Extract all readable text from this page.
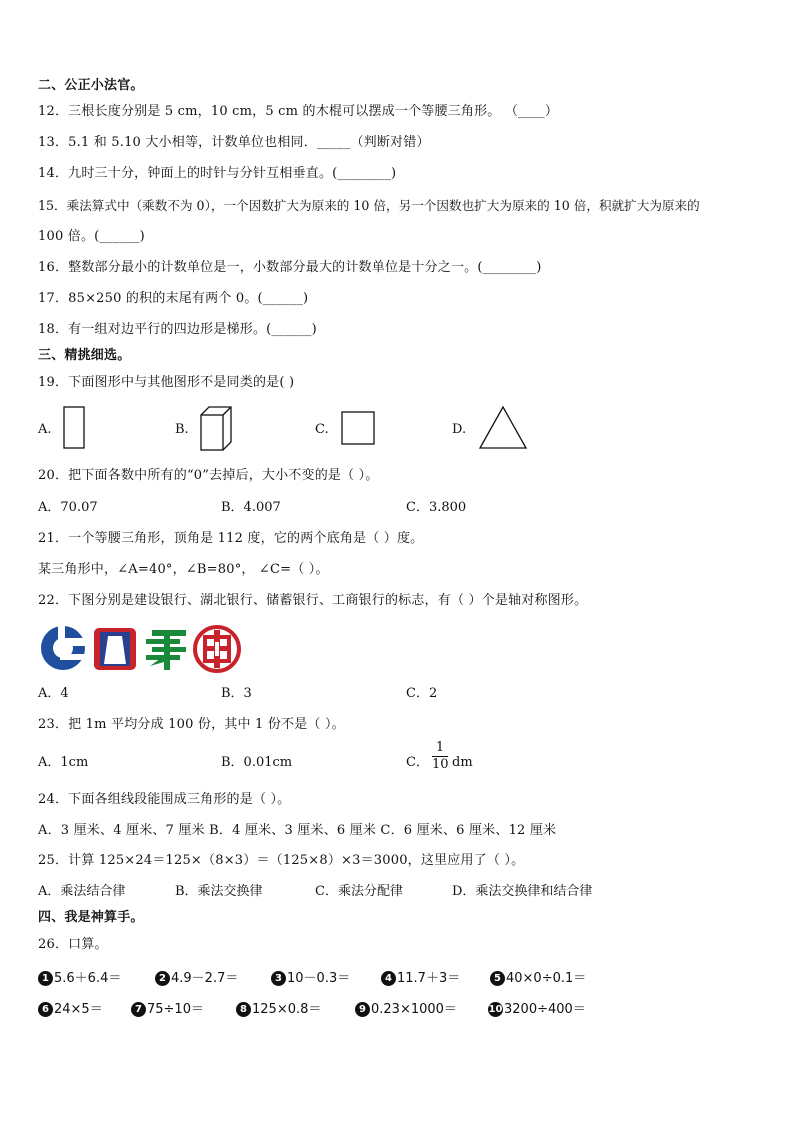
二、公正小法官。
12．三根长度分别是 5 cm，10 cm，5 cm 的木棍可以摆成一个等腰三角形。 （____）
13．5.1 和 5.10 大小相等，计数单位也相同．_____（判断对错）
14．九时三十分，钟面上的时针与分针互相垂直。(________)
15．乘法算式中（乘数不为 0），一个因数扩大为原来的 10 倍，另一个因数也扩大为原来的 10 倍，积就扩大为原来的
100 倍。(______)
16．整数部分最小的计数单位是一，小数部分最大的计数单位是十分之一。(________)
17．85×250 的积的末尾有两个 0。(______)
18．有一组对边平行的四边形是梯形。(______)
三、精挑细选。
19．下面图形中与其他图形不是同类的是( )
A.	B.	C.	D.
20．把下面各数中所有的“0”去掉后，大小不变的是（ ）。
A．70.07	B．4.007	C．3.800
21．一个等腰三角形，顶角是 112 度，它的两个底角是（ ）度。
某三角形中，∠A=40°，∠B=80°， ∠C=（ ）。
22．下图分别是建设银行、湖北银行、储蓄银行、工商银行的标志，有（ ）个是轴对称图形。
A．4	B．3	C．2
23．把 1m 平均分成 100 份，其中 1 份不是（ ）。
A．1cm	B．0.01cm	C．
1
10 dm
24．下面各组线段能围成三角形的是（ ）。
A．3 厘米、4 厘米、7 厘米 B．4 厘米、3 厘米、6 厘米 C．6 厘米、6 厘米、12 厘米
25．计算 125×24＝125×（8×3）＝（125×8）×3＝3000，这里应用了（ ）。
A．乘法结合律	B．乘法交换律	C．乘法分配律	D．乘法交换律和结合律
四、我是神算手。
26．口算。
1 5.6＋6.4＝	2 4.9－2.7＝	3 10－0.3＝	4 11.7＋3＝	5 40×0÷0.1＝
6 24×5＝	7 75÷10＝	8 125×0.8＝	9 0.23×1000＝	10 3200÷400＝
